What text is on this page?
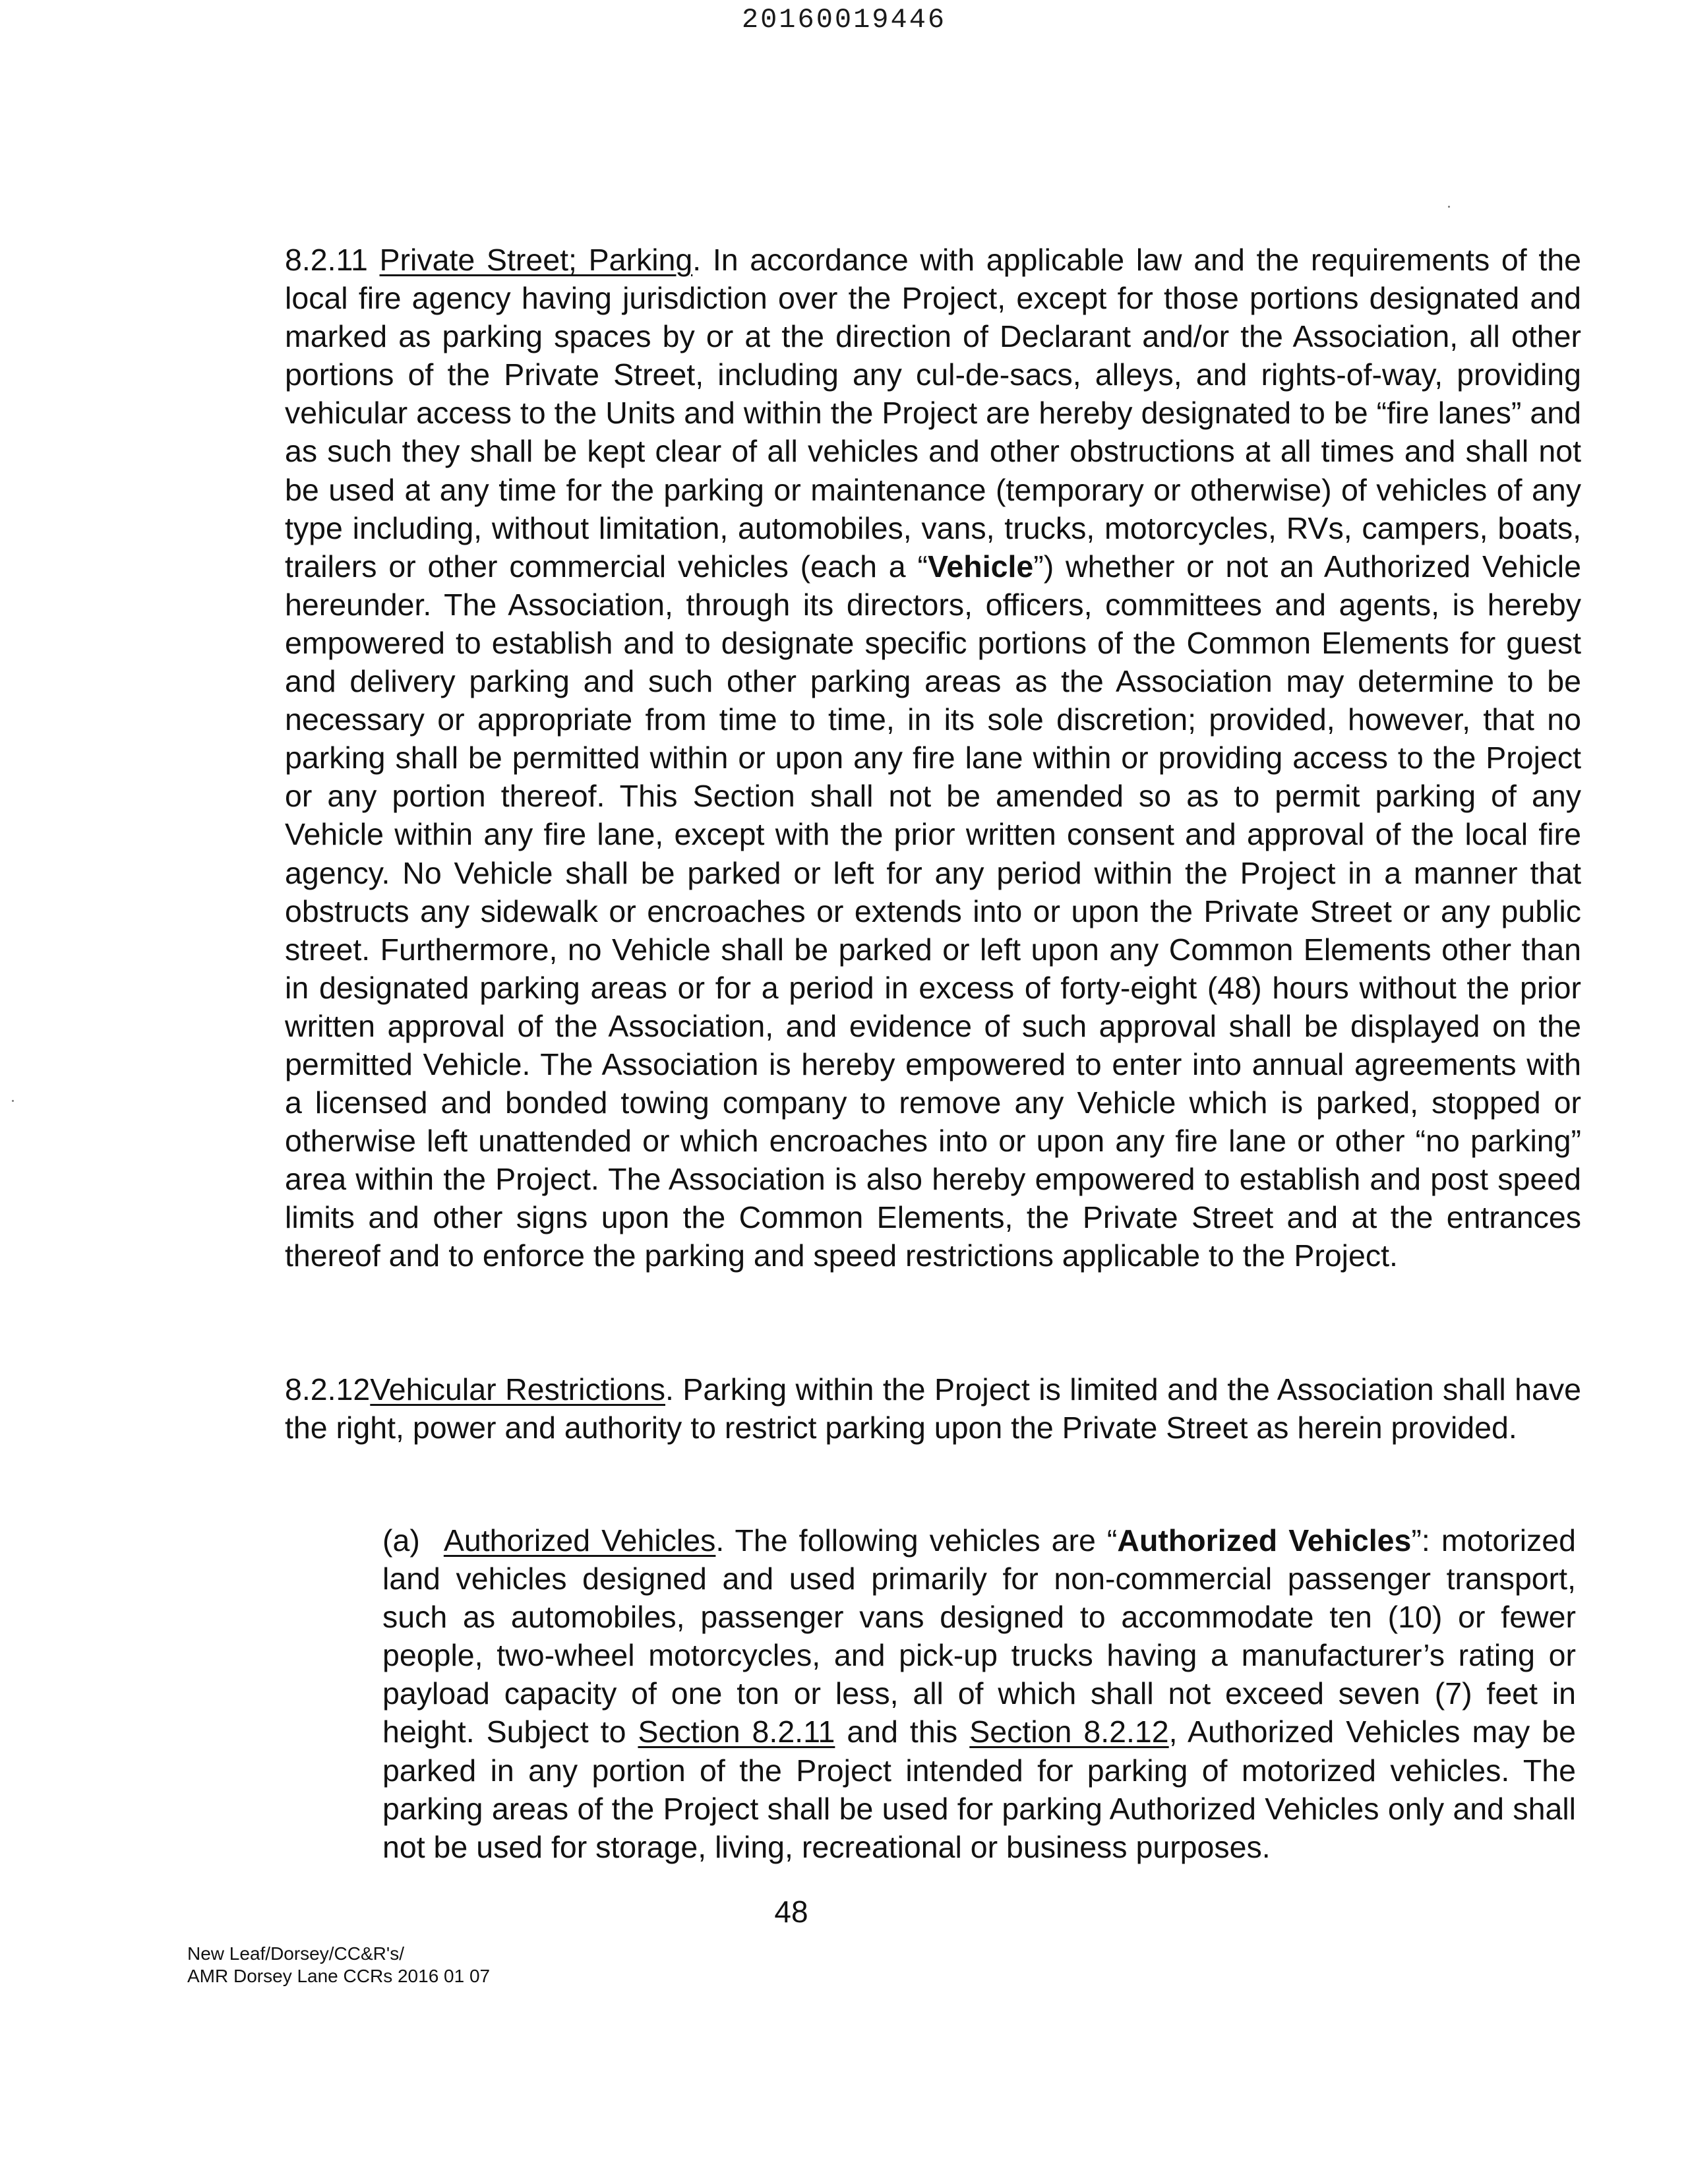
20160019446

8.2.11 Private Street; Parking. In accordance with applicable law and the requirements of the local fire agency having jurisdiction over the Project, except for those portions designated and marked as parking spaces by or at the direction of Declarant and/or the Association, all other portions of the Private Street, including any cul-de-sacs, alleys, and rights-of-way, providing vehicular access to the Units and within the Project are hereby designated to be “fire lanes” and as such they shall be kept clear of all vehicles and other obstructions at all times and shall not be used at any time for the parking or maintenance (temporary or otherwise) of vehicles of any type including, without limitation, automobiles, vans, trucks, motorcycles, RVs, campers, boats, trailers or other commercial vehicles (each a “Vehicle”) whether or not an Authorized Vehicle hereunder. The Association, through its directors, officers, committees and agents, is hereby empowered to establish and to designate specific portions of the Common Elements for guest and delivery parking and such other parking areas as the Association may determine to be necessary or appropriate from time to time, in its sole discretion; provided, however, that no parking shall be permitted within or upon any fire lane within or providing access to the Project or any portion thereof. This Section shall not be amended so as to permit parking of any Vehicle within any fire lane, except with the prior written consent and approval of the local fire agency. No Vehicle shall be parked or left for any period within the Project in a manner that obstructs any sidewalk or encroaches or extends into or upon the Private Street or any public street. Furthermore, no Vehicle shall be parked or left upon any Common Elements other than in designated parking areas or for a period in excess of forty-eight (48) hours without the prior written approval of the Association, and evidence of such approval shall be displayed on the permitted Vehicle. The Association is hereby empowered to enter into annual agreements with a licensed and bonded towing company to remove any Vehicle which is parked, stopped or otherwise left unattended or which encroaches into or upon any fire lane or other “no parking” area within the Project. The Association is also hereby empowered to establish and post speed limits and other signs upon the Common Elements, the Private Street and at the entrances thereof and to enforce the parking and speed restrictions applicable to the Project.

8.2.12Vehicular Restrictions. Parking within the Project is limited and the Association shall have the right, power and authority to restrict parking upon the Private Street as herein provided.

(a) Authorized Vehicles. The following vehicles are “Authorized Vehicles”: motorized land vehicles designed and used primarily for non-commercial passenger transport, such as automobiles, passenger vans designed to accommodate ten (10) or fewer people, two-wheel motorcycles, and pick-up trucks having a manufacturer’s rating or payload capacity of one ton or less, all of which shall not exceed seven (7) feet in height. Subject to Section 8.2.11 and this Section 8.2.12, Authorized Vehicles may be parked in any portion of the Project intended for parking of motorized vehicles. The parking areas of the Project shall be used for parking Authorized Vehicles only and shall not be used for storage, living, recreational or business purposes.

48
New Leaf/Dorsey/CC&R's/
AMR Dorsey Lane CCRs 2016 01 07
